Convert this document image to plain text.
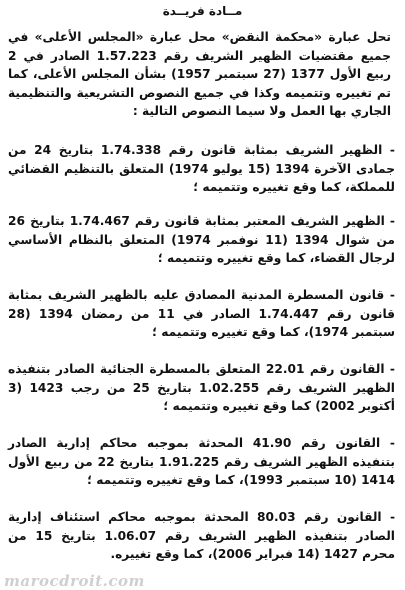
مــادة فريــدة
تحل عبارة «محكمة النقض» محل عبارة «المجلس الأعلى» في جميع مقتضيات الظهير الشريف رقم 1.57.223 الصادر في 2 ربيع الأول 1377 (27 سبتمبر 1957) بشأن المجلس الأعلى، كما تم تغييره وتتميمه وكذا في جميع النصوص التشريعية والتنظيمية الجاري بها العمل ولا سيما النصوص التالية :
- الظهير الشريف بمثابة قانون رقم 1.74.338 بتاريخ 24 من جمادى الآخرة 1394 (15 يوليو 1974) المتعلق بالتنظيم القضائي للمملكة، كما وقع تغييره وتتميمه ؛
- الظهير الشريف المعتبر بمثابة قانون رقم 1.74.467 بتاريخ 26 من شوال 1394 (11 نوفمبر 1974) المتعلق بالنظام الأساسي لرجال القضاء، كما وقع تغييره وتتميمه ؛
- قانون المسطرة المدنية المصادق عليه بالظهير الشريف بمثابة قانون رقم 1.74.447 الصادر في 11 من رمضان 1394 (28 سبتمبر 1974)، كما وقع تغييره وتتميمه ؛
- القانون رقم 22.01 المتعلق بالمسطرة الجنائية الصادر بتنفيذه الظهير الشريف رقم 1.02.255 بتاريخ 25 من رجب 1423 (3 أكتوبر 2002) كما وقع تغييره وتتميمه ؛
- القانون رقم 41.90 المحدثة بموجبه محاكم إدارية الصادر بتنفيذه الظهير الشريف رقم 1.91.225 بتاريخ 22 من ربيع الأول 1414 (10 سبتمبر 1993)، كما وقع تغييره وتتميمه ؛
- القانون رقم 80.03 المحدثة بموجبه محاكم استئناف إدارية الصادر بتنفيذه الظهير الشريف رقم 1.06.07 بتاريخ 15 من محرم 1427 (14 فبراير 2006)، كما وقع تغييره.
marocdroit.com
